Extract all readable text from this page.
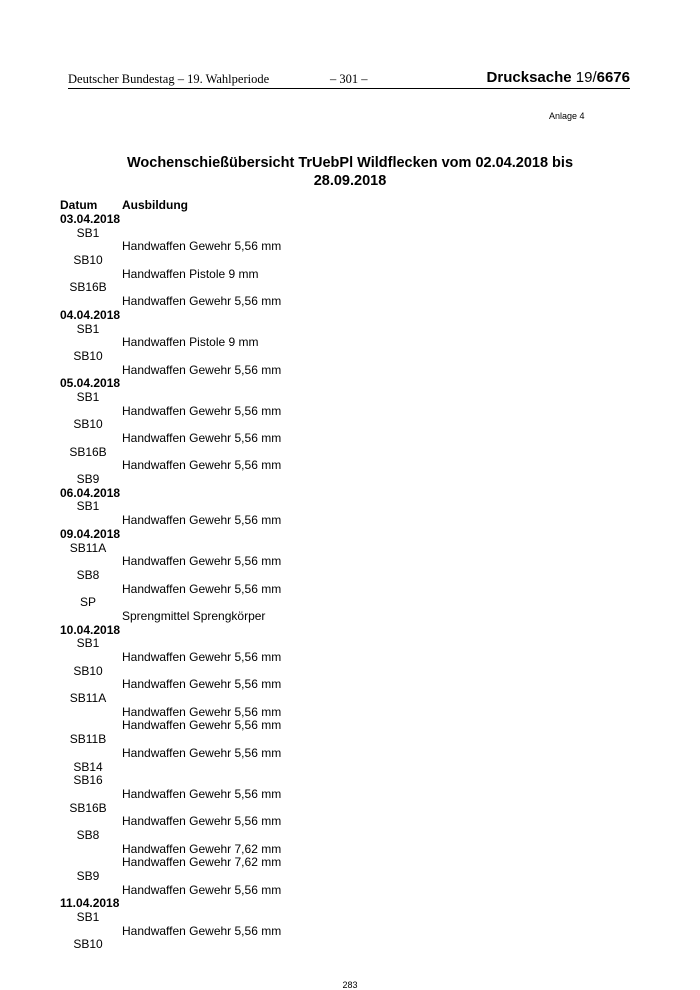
Deutscher Bundestag – 19. Wahlperiode	– 301 –	Drucksache 19/6676
Anlage 4
Wochenschießübersicht TrUebPl Wildflecken vom 02.04.2018 bis
28.09.2018
Datum Ausbildung
03.04.2018
SB1
Handwaffen Gewehr 5,56 mm
SB10
Handwaffen Pistole 9 mm
SB16B
Handwaffen Gewehr 5,56 mm
04.04.2018
SB1
Handwaffen Pistole 9 mm
SB10
Handwaffen Gewehr 5,56 mm
05.04.2018
SB1
Handwaffen Gewehr 5,56 mm
SB10
Handwaffen Gewehr 5,56 mm
SB16B
Handwaffen Gewehr 5,56 mm
SB9
06.04.2018
SB1
Handwaffen Gewehr 5,56 mm
09.04.2018
SB11A
Handwaffen Gewehr 5,56 mm
SB8
Handwaffen Gewehr 5,56 mm
SP
Sprengmittel Sprengkörper
10.04.2018
SB1
Handwaffen Gewehr 5,56 mm
SB10
Handwaffen Gewehr 5,56 mm
SB11A
Handwaffen Gewehr 5,56 mm
Handwaffen Gewehr 5,56 mm
SB11B
Handwaffen Gewehr 5,56 mm
SB14
SB16
Handwaffen Gewehr 5,56 mm
SB16B
Handwaffen Gewehr 5,56 mm
SB8
Handwaffen Gewehr 7,62 mm
Handwaffen Gewehr 7,62 mm
SB9
Handwaffen Gewehr 5,56 mm
11.04.2018
SB1
Handwaffen Gewehr 5,56 mm
SB10
283
